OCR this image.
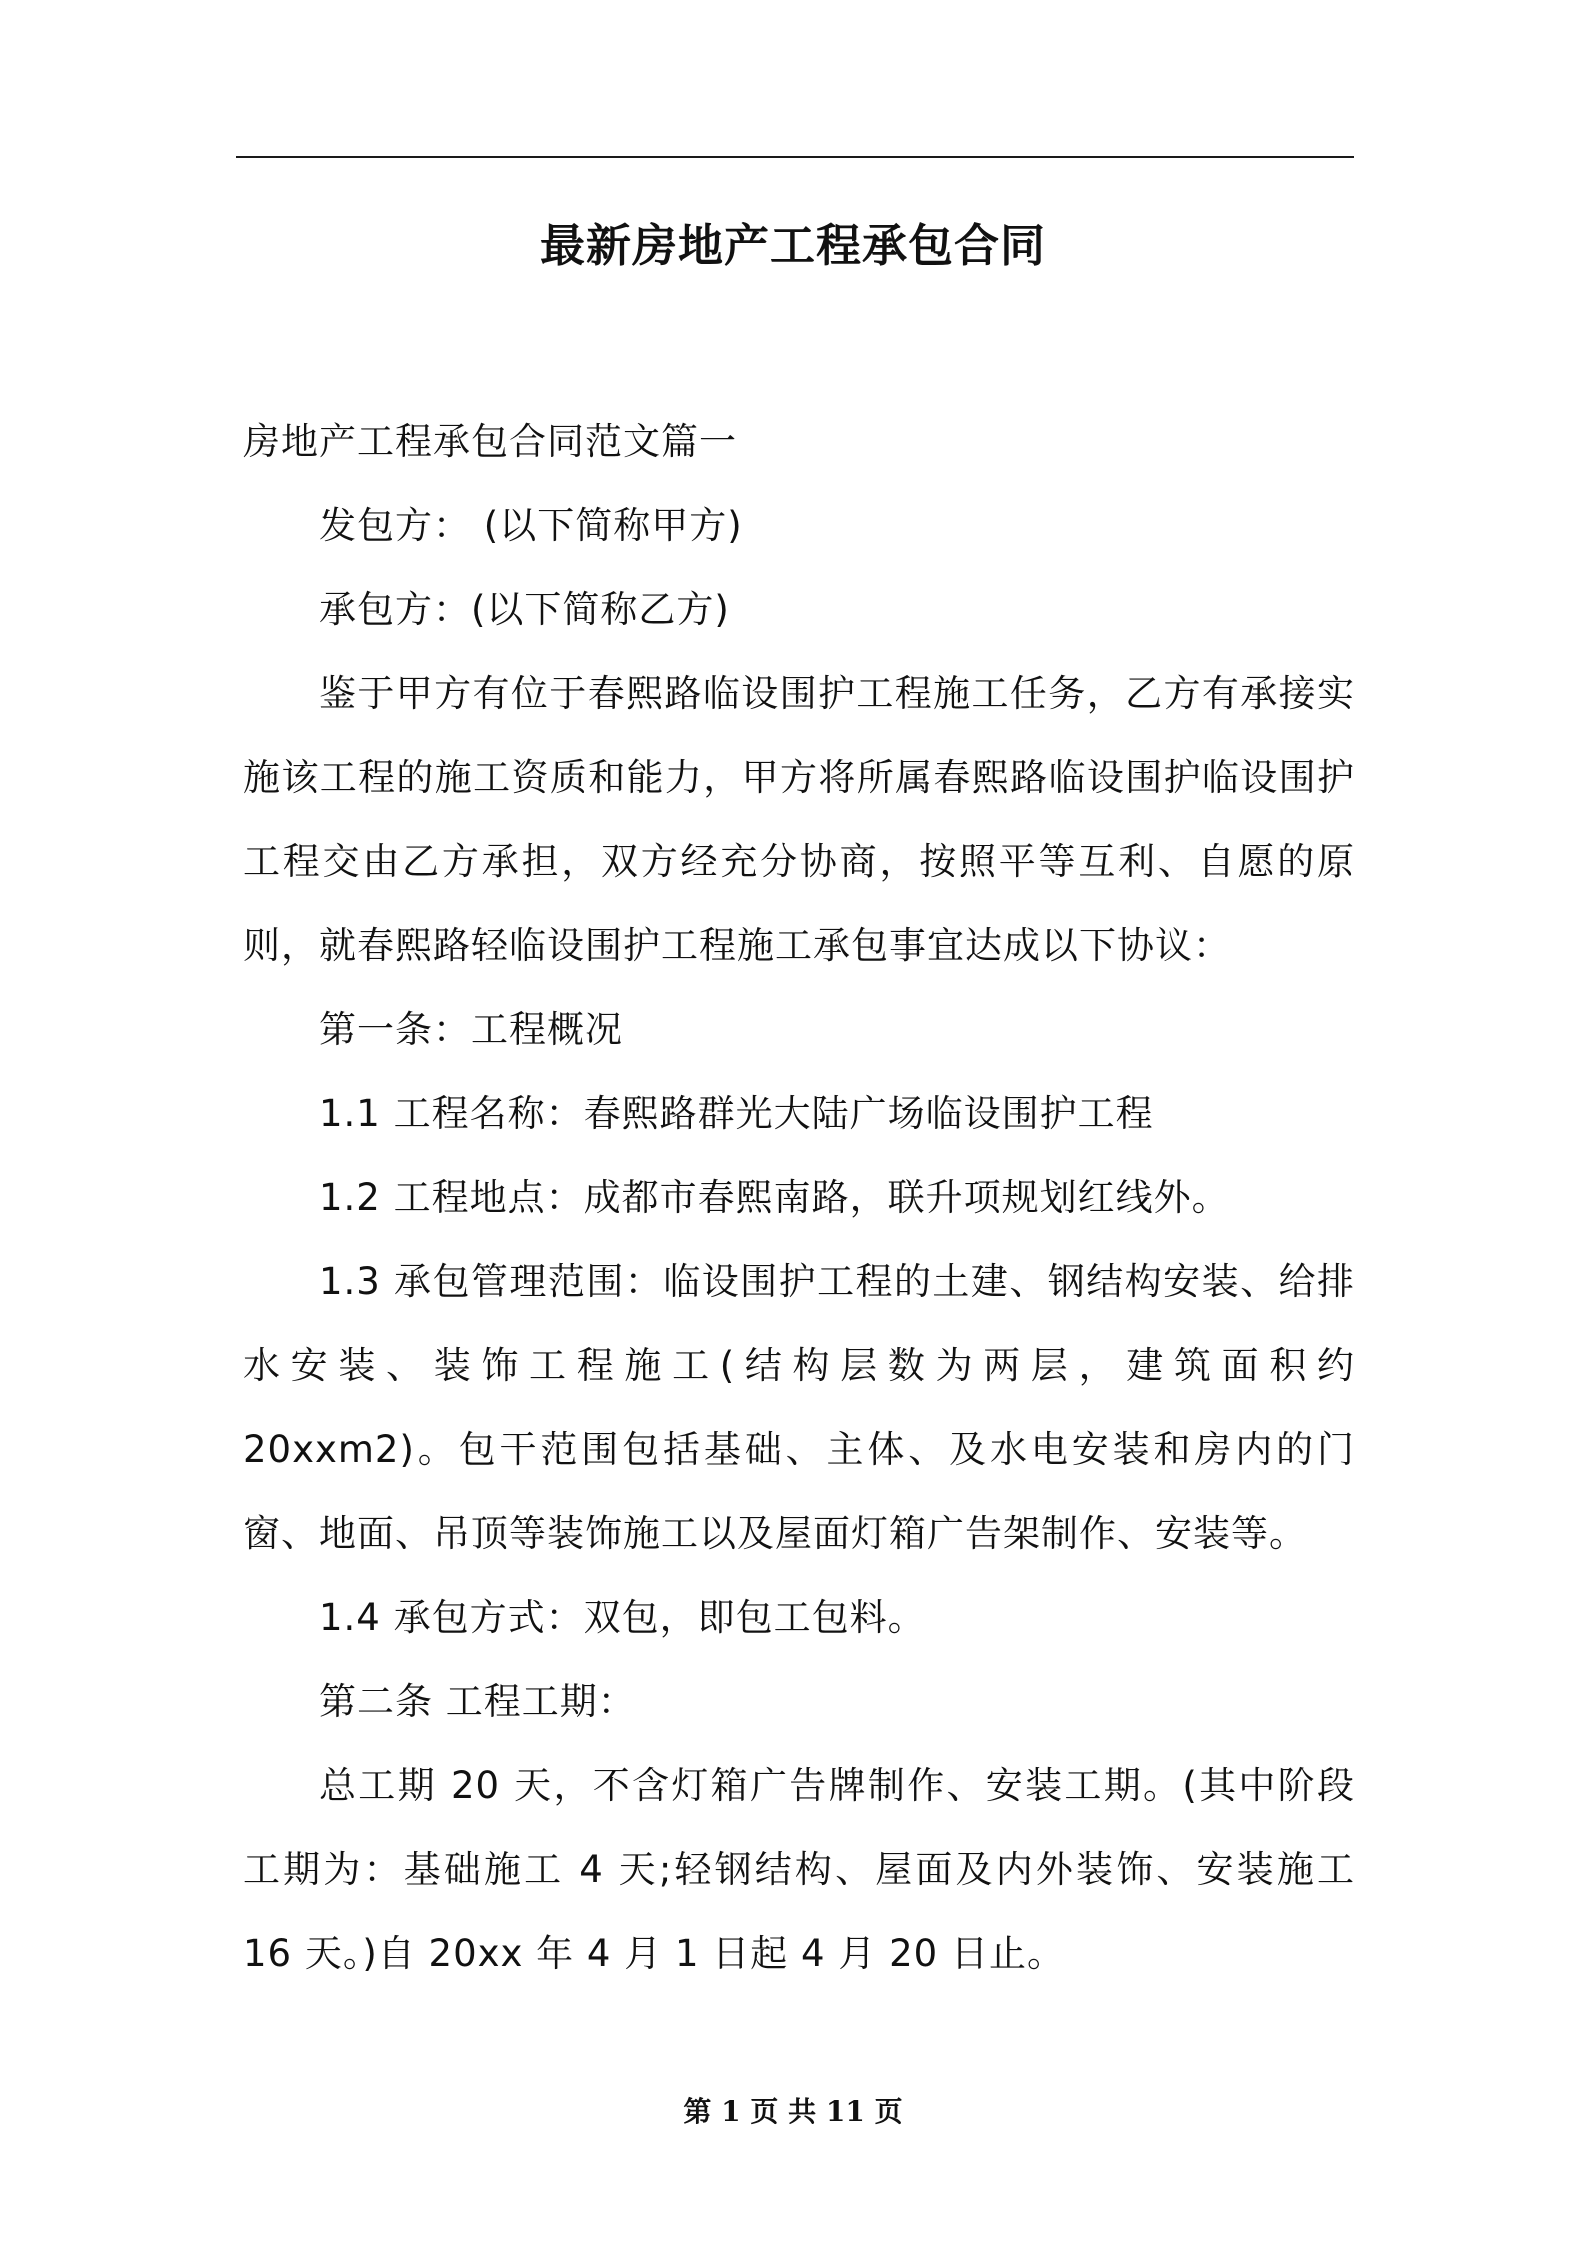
最新房地产工程承包合同

房地产工程承包合同范文篇一

发包方： (以下简称甲方)

承包方：(以下简称乙方)

鉴于甲方有位于春熙路临设围护工程施工任务，乙方有承接实施该工程的施工资质和能力，甲方将所属春熙路临设围护临设围护工程交由乙方承担，双方经充分协商，按照平等互利、自愿的原则，就春熙路轻临设围护工程施工承包事宜达成以下协议：

第一条：工程概况

1.1 工程名称：春熙路群光大陆广场临设围护工程

1.2 工程地点：成都市春熙南路，联升项规划红线外。

1.3 承包管理范围：临设围护工程的土建、钢结构安装、给排水安装、装饰工程施工(结构层数为两层，建筑面积约 20xxm2)。包干范围包括基础、主体、及水电安装和房内的门窗、地面、吊顶等装饰施工以及屋面灯箱广告架制作、安装等。

1.4 承包方式：双包，即包工包料。

第二条 工程工期：

总工期 20 天，不含灯箱广告牌制作、安装工期。(其中阶段工期为：基础施工 4 天;轻钢结构、屋面及内外装饰、安装施工 16 天。)自 20xx 年 4 月 1 日起 4 月 20 日止。

第 1 页 共 11 页
